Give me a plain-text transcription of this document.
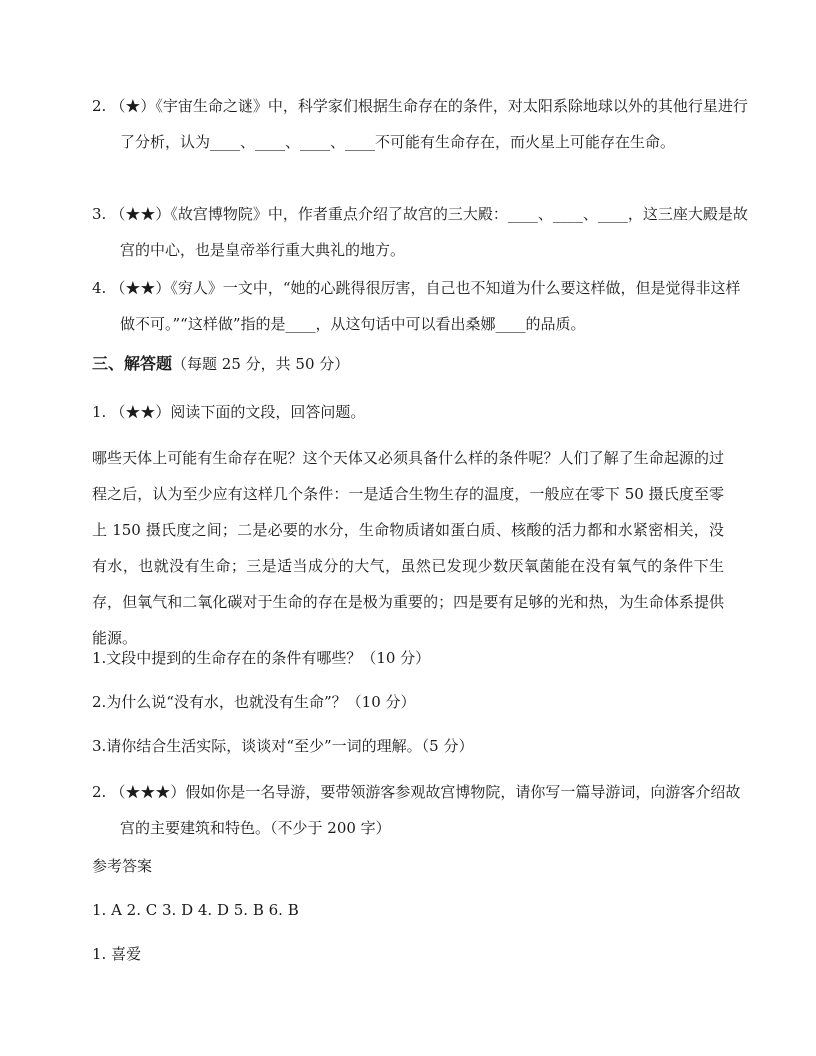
2. （★）《宇宙生命之谜》中，科学家们根据生命存在的条件，对太阳系除地球以外的其他行星进行了分析，认为____、____、____、____不可能有生命存在，而火星上可能存在生命。
3. （★★）《故宫博物院》中，作者重点介绍了故宫的三大殿：____、____、____，这三座大殿是故宫的中心，也是皇帝举行重大典礼的地方。
4. （★★）《穷人》一文中，“她的心跳得很厉害，自己也不知道为什么要这样做，但是觉得非这样做不可。”“这样做”指的是____，从这句话中可以看出桑娜____的品质。
三、解答题（每题 25 分，共 50 分）
1. （★★）阅读下面的文段，回答问题。
哪些天体上可能有生命存在呢？这个天体又必须具备什么样的条件呢？人们了解了生命起源的过程之后，认为至少应有这样几个条件：一是适合生物生存的温度，一般应在零下 50 摄氏度至零上 150 摄氏度之间；二是必要的水分，生命物质诸如蛋白质、核酸的活力都和水紧密相关，没有水，也就没有生命；三是适当成分的大气，虽然已发现少数厌氧菌能在没有氧气的条件下生存，但氧气和二氧化碳对于生命的存在是极为重要的；四是要有足够的光和热，为生命体系提供能源。
1.文段中提到的生命存在的条件有哪些？（10 分）
2.为什么说“没有水，也就没有生命”？（10 分）
3.请你结合生活实际，谈谈对“至少”一词的理解。（5 分）
2. （★★★）假如你是一名导游，要带领游客参观故宫博物院，请你写一篇导游词，向游客介绍故宫的主要建筑和特色。（不少于 200 字）
参考答案
1. A 2. C 3. D 4. D 5. B 6. B
1. 喜爱
